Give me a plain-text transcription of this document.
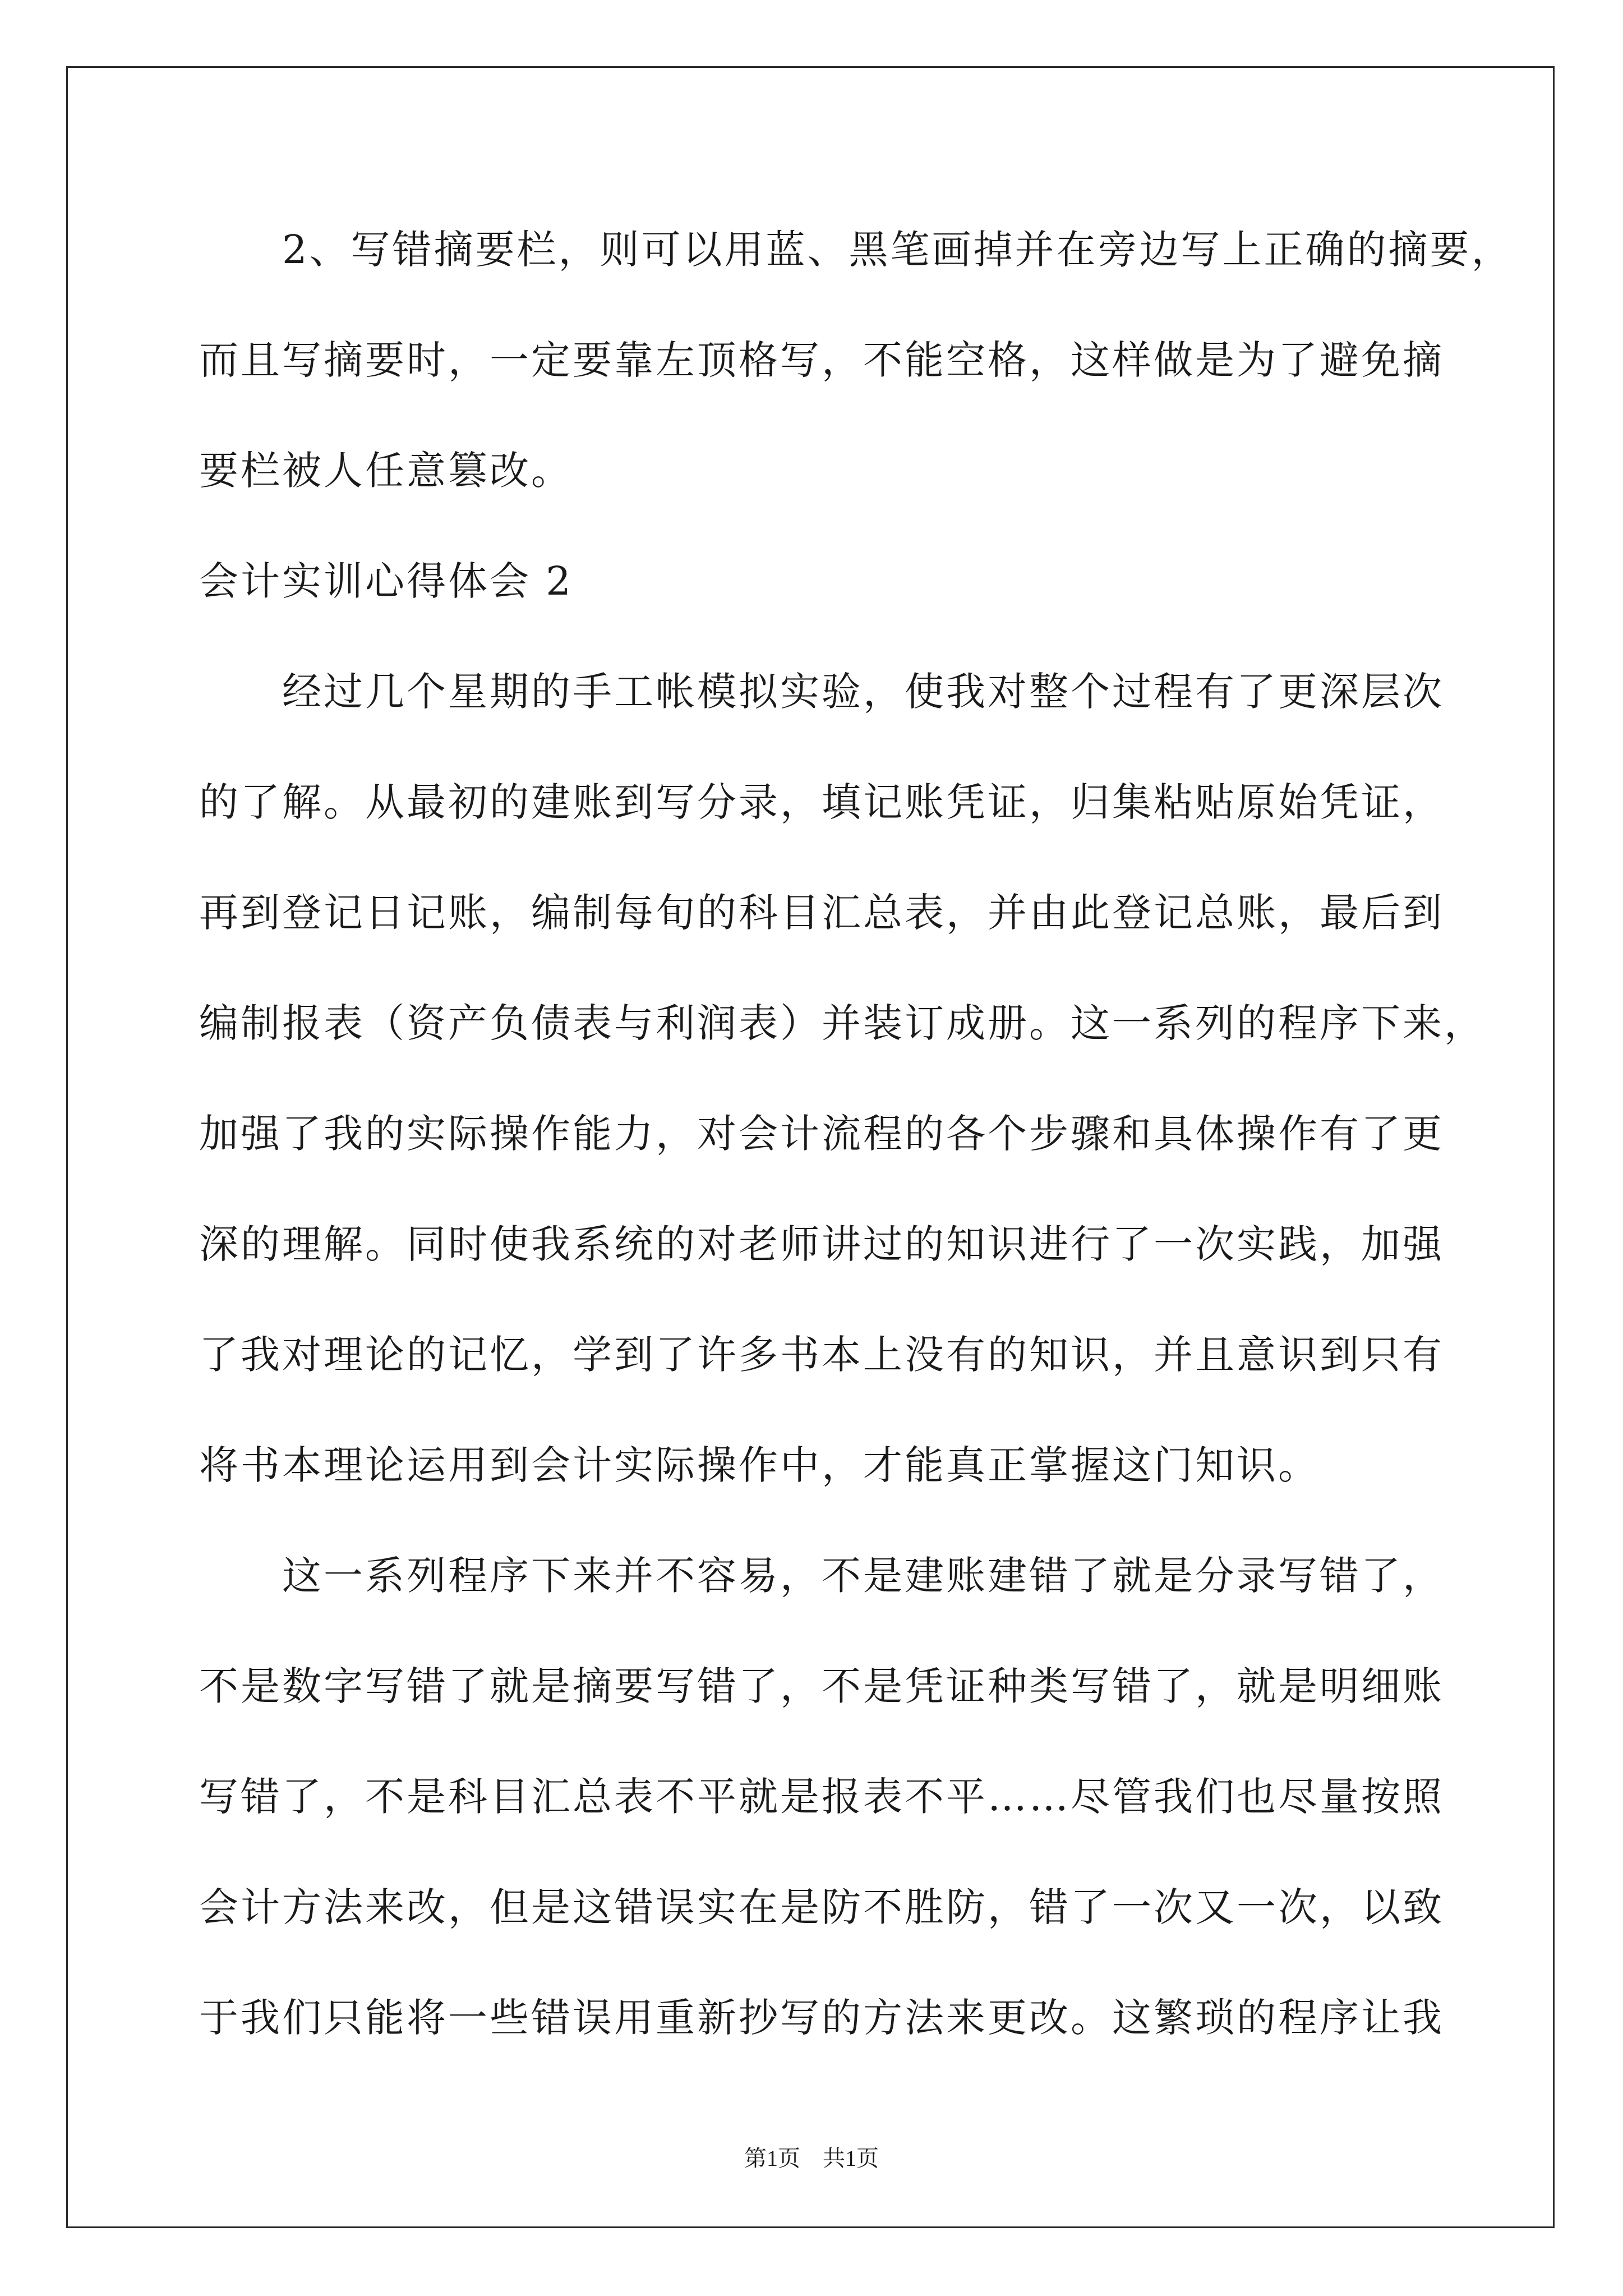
2、写错摘要栏，则可以用蓝、黑笔画掉并在旁边写上正确的摘要，
而且写摘要时，一定要靠左顶格写，不能空格，这样做是为了避免摘
要栏被人任意篡改。
会计实训心得体会 2
经过几个星期的手工帐模拟实验，使我对整个过程有了更深层次
的了解。从最初的建账到写分录，填记账凭证，归集粘贴原始凭证，
再到登记日记账，编制每旬的科目汇总表，并由此登记总账，最后到
编制报表（资产负债表与利润表）并装订成册。这一系列的程序下来，
加强了我的实际操作能力，对会计流程的各个步骤和具体操作有了更
深的理解。同时使我系统的对老师讲过的知识进行了一次实践，加强
了我对理论的记忆，学到了许多书本上没有的知识，并且意识到只有
将书本理论运用到会计实际操作中，才能真正掌握这门知识。
这一系列程序下来并不容易，不是建账建错了就是分录写错了，
不是数字写错了就是摘要写错了，不是凭证种类写错了，就是明细账
写错了，不是科目汇总表不平就是报表不平……尽管我们也尽量按照
会计方法来改，但是这错误实在是防不胜防，错了一次又一次，以致
于我们只能将一些错误用重新抄写的方法来更改。这繁琐的程序让我
第1页　共1页
